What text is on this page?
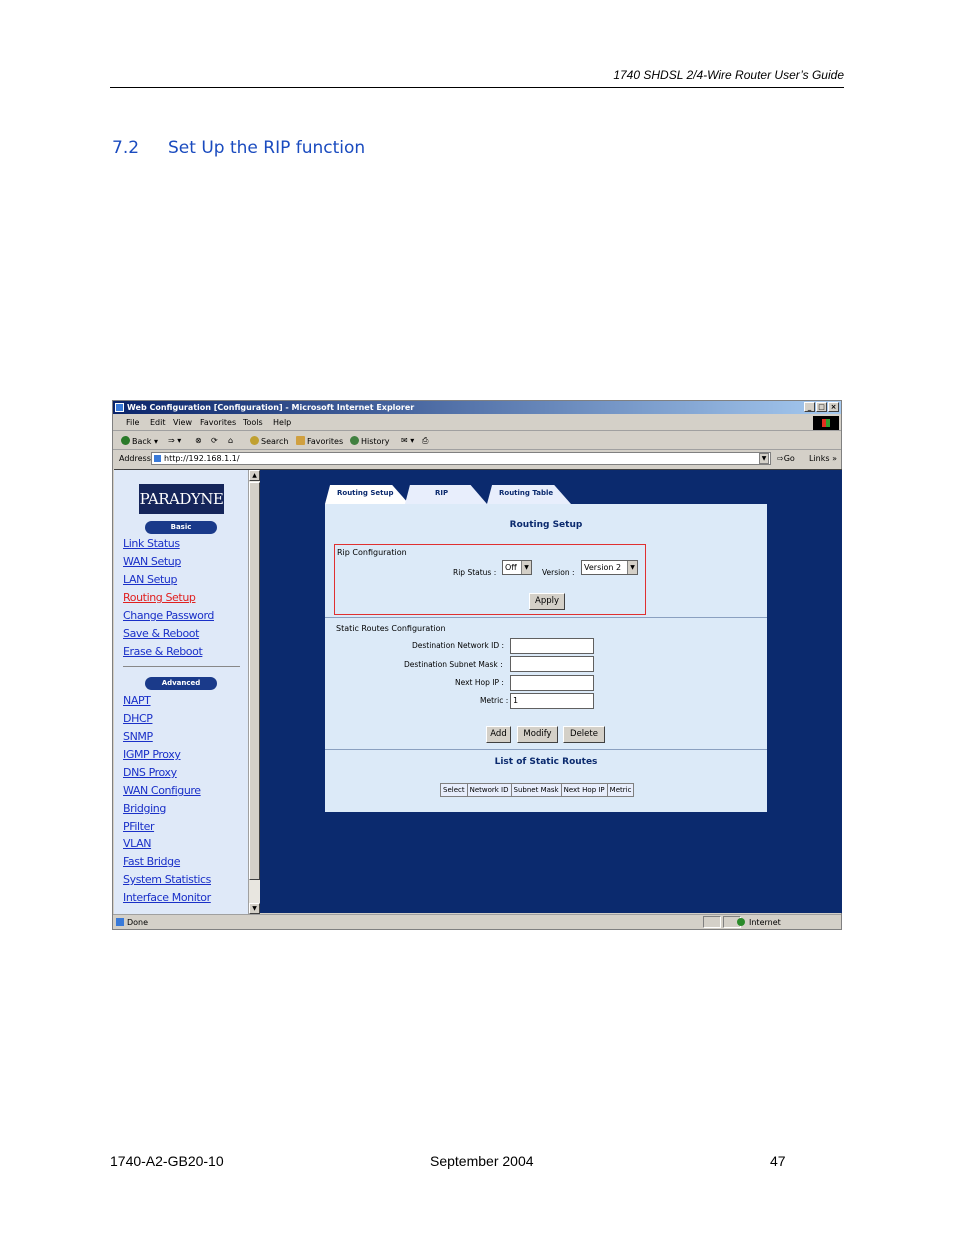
1740 SHDSL 2/4-Wire Router User’s Guide
7.2 Set Up the RIP function
Web Configuration [Configuration] - Microsoft Internet Explorer	_ □ ×
File Edit View Favorites Tools Help
Back ▾ ⇒ ▾ ⊗ ⟳ ⌂	Search	Favorites	History ✉ ▾ ⎙
Address	http://192.168.1.1/	▼	⇨Go Links »
PARADYNE
Basic
Link Status
WAN Setup
LAN Setup
Routing Setup
Change Password
Save & Reboot
Erase & Reboot
Advanced
NAPT
DHCP
SNMP
IGMP Proxy
DNS Proxy
WAN Configure
Bridging
PFilter
VLAN
Fast Bridge
System Statistics
Interface Monitor
▲
▼
Routing Setup	RIP	Routing Table
Routing Setup
Rip Configuration
Rip Status :
Off	▼
Version :
Version 2	▼
Apply
Static Routes Configuration
Destination Network ID :
Destination Subnet Mask :
Next Hop IP :
Metric : 1
Add	Modify	Delete
List of Static Routes
Select Network ID Subnet Mask Next Hop IP Metric
Done	Internet
1740-A2-GB20-10	September 2004	47
